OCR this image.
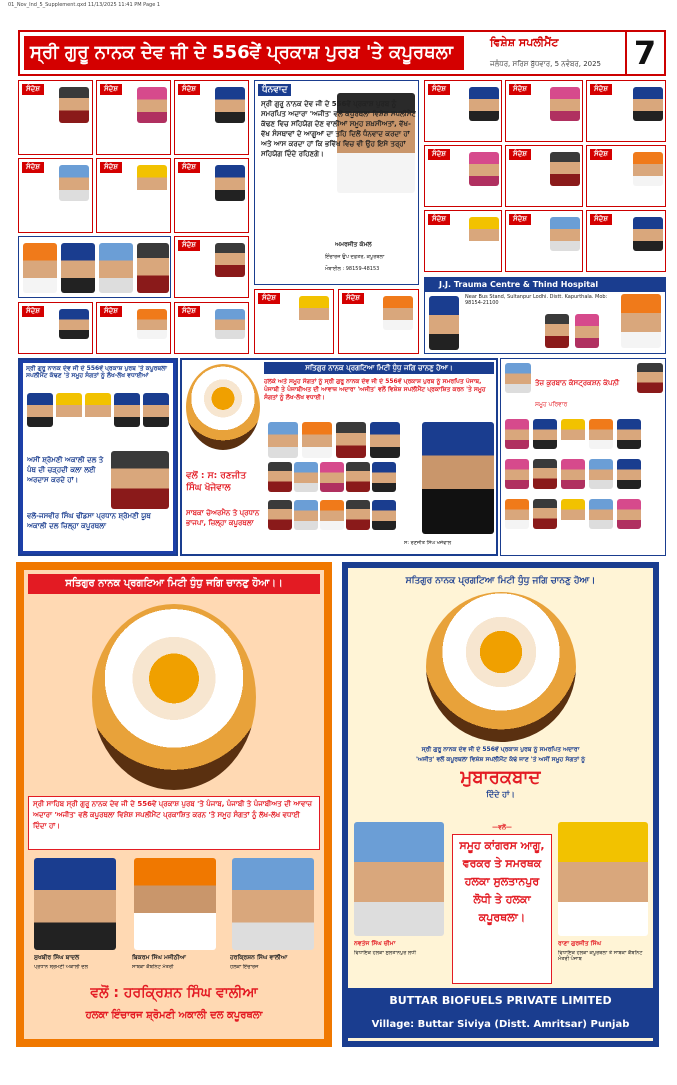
01_Nov_Ind_5_Supplement.qxd 11/13/2025 11:41 PM Page 1
ਸ੍ਰੀ ਗੁਰੂ ਨਾਨਕ ਦੇਵ ਜੀ ਦੇ 556ਵੇਂ ਪ੍ਰਕਾਸ਼ ਪੁਰਬ 'ਤੇ ਕਪੂਰਥਲਾ	ਵਿਸ਼ੇਸ਼ ਸਪਲੀਮੈਂਟ
ਜਲੰਧਰ, ਸਰਿਸ਼ ਬੁੱਧਵਾਰ, 5 ਨਵੰਬਰ, 2025 7
ਸੰਦੇਸ਼	ਸੰਦੇਸ਼	ਸੰਦੇਸ਼
ਸੰਦੇਸ਼	ਸੰਦੇਸ਼	ਸੰਦੇਸ਼
ਸੰਦੇਸ਼
ਸੰਦੇਸ਼	ਸੰਦੇਸ਼	ਸੰਦੇਸ਼
ਧੰਨਵਾਦ
ਸ੍ਰੀ ਗੁਰੂ ਨਾਨਕ ਦੇਵ ਜੀ ਦੇ 556ਵੇਂ ਪ੍ਰਕਾਸ਼ ਪੁਰਬ ਨੂੰ ਸਮਰਪਿਤ ਅਦਾਰਾ 'ਅਜੀਤ' ਵਲੋਂ ਕਪੂਰਥਲਾ ਵਿਸ਼ੇਸ਼ ਸਪਲੀਮੈਂਟ ਕੱਢਣ ਵਿਚ ਸਹਿਯੋਗ ਦੇਣ ਵਾਲੀਆਂ ਸਮੂਹ ਸ਼ਖ਼ਸੀਅਤਾਂ, ਵੱਖ-ਵੱਖ ਸੰਸਥਾਵਾਂ ਦੇ ਆਗੂਆਂ ਦਾ ਤਹਿ ਦਿਲੋਂ ਧੰਨਵਾਦ ਕਰਦਾ ਹਾਂ ਅਤੇ ਆਸ ਕਰਦਾ ਹਾਂ ਕਿ ਭਵਿੱਖ ਵਿਚ ਵੀ ਉਹ ਇਸੇ ਤਰ੍ਹਾਂ ਸਹਿਯੋਗ ਦਿੰਦੇ ਰਹਿਣਗੇ।
ਅਮਰਜੀਤ ਕੋਮਲ
ਇੰਚਾਰਜ ਉਪ ਦਫ਼ਤਰ, ਕਪੂਰਥਲਾ
ਮੋਬਾਈਲ : 98159-48153
ਸੰਦੇਸ਼	ਸੰਦੇਸ਼
ਸੰਦੇਸ਼	ਸੰਦੇਸ਼	ਸੰਦੇਸ਼
ਸੰਦੇਸ਼	ਸੰਦੇਸ਼	ਸੰਦੇਸ਼
ਸੰਦੇਸ਼	ਸੰਦੇਸ਼	ਸੰਦੇਸ਼
J.J. Trauma Centre & Thind Hospital
Near Bus Stand, Sultanpur Lodhi. Distt. Kapurthala. Mob: 98154-21100
ਸ੍ਰੀ ਗੁਰੂ ਨਾਨਕ ਦੇਵ ਜੀ ਦੇ 556ਵੇਂ ਪ੍ਰਕਾਸ਼ ਪੁਰਬ 'ਤੇ ਕਪੂਰਥਲਾ ਸਪਲੀਮੈਂਟ ਕੱਢਣ 'ਤੇ ਸਮੂਹ ਸੰਗਤਾਂ ਨੂੰ ਲੱਖ-ਲੱਖ ਵਧਾਈਆਂ
ਅਸੀਂ ਸ਼੍ਰੋਮਣੀ ਅਕਾਲੀ ਦਲ ਤੇ ਪੰਥ ਦੀ ਚੜ੍ਹਦੀ ਕਲਾ ਲਈ ਅਰਦਾਸ ਕਰਦੇ ਹਾਂ।
ਵਲੋਂ-ਜਸਵੀਰ ਸਿੰਘ ਢੀਂਡਸਾ ਪ੍ਰਧਾਨ ਸ਼੍ਰੋਮਣੀ ਯੂਥ ਅਕਾਲੀ ਦਲ ਜ਼ਿਲ੍ਹਾ ਕਪੂਰਥਲਾ
ਸਤਿਗੁਰ ਨਾਨਕ ਪ੍ਰਗਟਿਆ ਮਿਟੀ ਧੁੰਧੁ ਜਗਿ ਚਾਨਣੁ ਹੋਆ।
ਹਲਕੇ ਅਤੇ ਸਮੂਹ ਸੰਗਤਾਂ ਨੂੰ ਸ੍ਰੀ ਗੁਰੂ ਨਾਨਕ ਦੇਵ ਜੀ ਦੇ 556ਵੇਂ ਪ੍ਰਕਾਸ਼ ਪੁਰਬ ਨੂੰ ਸਮਰਪਿਤ ਪੰਜਾਬ, ਪੰਜਾਬੀ ਤੇ ਪੰਜਾਬੀਅਤ ਦੀ ਆਵਾਜ਼ ਅਦਾਰਾ 'ਅਜੀਤ' ਵਲੋਂ ਵਿਸ਼ੇਸ਼ ਸਪਲੀਮੈਂਟ ਪ੍ਰਕਾਸ਼ਿਤ ਕਰਨ 'ਤੇ ਸਮੂਹ ਸੰਗਤਾਂ ਨੂੰ ਲੱਖ-ਲੱਖ ਵਧਾਈ।
ਵਲੋਂ : ਸ: ਰਣਜੀਤ ਸਿੰਘ ਖੋਜੇਵਾਲ
ਸਾਬਕਾ ਚੇਅਰਮੈਨ ਤੇ ਪ੍ਰਧਾਨ ਭਾਜਪਾ, ਜ਼ਿਲ੍ਹਾ ਕਪੂਰਥਲਾ
ਸ: ਰਣਜੀਤ ਸਿੰਘ ਖੋਜੇਵਾਲ
ਤੇਜ਼ ਕੁਰਬਾਨ ਕੰਸਟ੍ਰਕਸ਼ਨ ਕੰਪਨੀ
ਸਮੂਹ ਪਰਿਵਾਰ
ਸਤਿਗੁਰ ਨਾਨਕ ਪ੍ਰਗਟਿਆ ਮਿਟੀ ਧੁੰਧੁ ਜਗਿ ਚਾਨਣੁ ਹੋਆ।।
ਸ੍ਰੀ ਸਾਹਿਬ ਸ੍ਰੀ ਗੁਰੂ ਨਾਨਕ ਦੇਵ ਜੀ ਦੇ 556ਵੇਂ ਪ੍ਰਕਾਸ਼ ਪੁਰਬ 'ਤੇ ਪੰਜਾਬ, ਪੰਜਾਬੀ ਤੇ ਪੰਜਾਬੀਅਤ ਦੀ ਆਵਾਜ਼ ਅਦਾਰਾ 'ਅਜੀਤ' ਵਲੋਂ ਕਪੂਰਥਲਾ ਵਿਸ਼ੇਸ਼ ਸਪਲੀਮੈਂਟ ਪ੍ਰਕਾਸ਼ਿਤ ਕਰਨ 'ਤੇ ਸਮੂਹ ਸੰਗਤਾਂ ਨੂੰ ਲੱਖ-ਲੱਖ ਵਧਾਈ ਦਿੰਦਾ ਹਾਂ।
ਸੁਖਬੀਰ ਸਿੰਘ ਬਾਦਲ
ਪ੍ਰਧਾਨ ਸ਼੍ਰੋਮਣੀ ਅਕਾਲੀ ਦਲ
ਬਿਕਰਮ ਸਿੰਘ ਮਜੀਠੀਆ
ਸਾਬਕਾ ਕੈਬਨਿਟ ਮੰਤਰੀ
ਹਰਕ੍ਰਿਸ਼ਨ ਸਿੰਘ ਵਾਲੀਆ
ਹਲਕਾ ਇੰਚਾਰਜ
ਵਲੋਂ : ਹਰਕ੍ਰਿਸ਼ਨ ਸਿੰਘ ਵਾਲੀਆ
ਹਲਕਾ ਇੰਚਾਰਜ ਸ਼੍ਰੋਮਣੀ ਅਕਾਲੀ ਦਲ ਕਪੂਰਥਲਾ
ਸਤਿਗੁਰ ਨਾਨਕ ਪ੍ਰਗਟਿਆ ਮਿਟੀ ਧੁੰਧੁ ਜਗਿ ਚਾਨਣੁ ਹੋਆ।
ਸ੍ਰੀ ਗੁਰੂ ਨਾਨਕ ਦੇਵ ਜੀ ਦੇ 556ਵੇਂ ਪ੍ਰਕਾਸ਼ ਪੁਰਬ ਨੂੰ ਸਮਰਪਿਤ ਅਦਾਰਾ
'ਅਜੀਤ' ਵਲੋਂ ਕਪੂਰਥਲਾ ਵਿਸ਼ੇਸ਼ ਸਪਲੀਮੈਂਟ ਕੱਢੇ ਜਾਣ 'ਤੇ ਅਸੀਂ ਸਮੂਹ ਸੰਗਤਾਂ ਨੂੰ
ਮੁਬਾਰਕਬਾਦ
ਦਿੰਦੇ ਹਾਂ।
—ਵਲੋਂ—
ਸਮੂਹ ਕਾਂਗਰਸ ਆਗੂ, ਵਰਕਰ ਤੇ ਸਮਰਥਕ ਹਲਕਾ ਸੁਲਤਾਨਪੁਰ ਲੋਧੀ ਤੇ ਹਲਕਾ ਕਪੂਰਥਲਾ।
ਨਵਤੇਜ ਸਿੰਘ ਚੀਮਾ
ਵਿਧਾਇਕ ਹਲਕਾ ਸੁਲਤਾਨਪੁਰ ਲੋਧੀ
ਰਾਣਾ ਗੁਰਜੀਤ ਸਿੰਘ
ਵਿਧਾਇਕ ਹਲਕਾ ਕਪੂਰਥਲਾ ਤੇ ਸਾਬਕਾ ਕੈਬਨਿਟ ਮੰਤਰੀ ਪੰਜਾਬ
BUTTAR BIOFUELS PRIVATE LIMITED
Village: Buttar Siviya (Distt. Amritsar) Punjab
